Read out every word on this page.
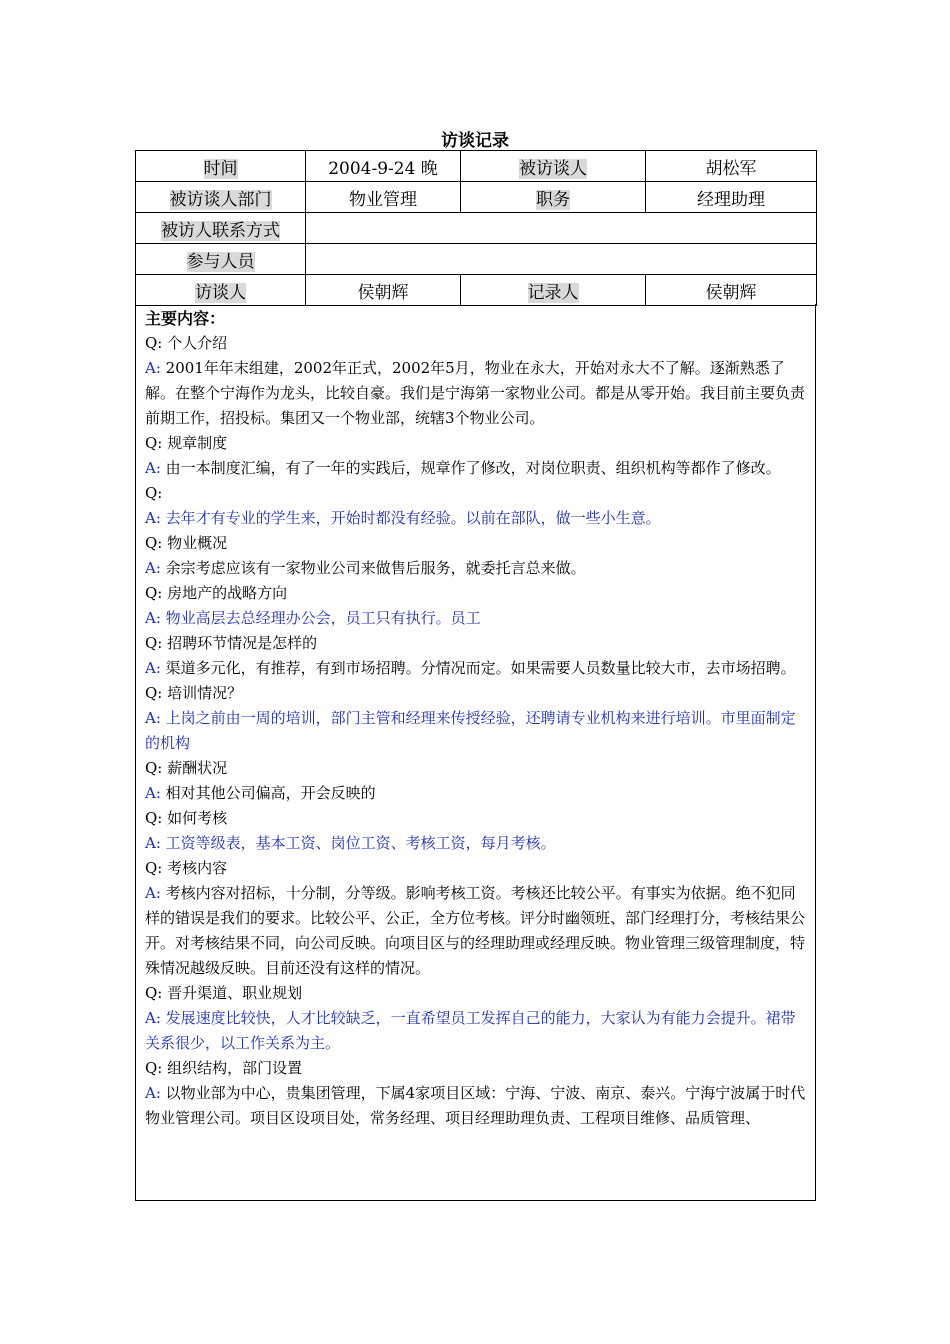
访谈记录
时间	2004-9-24 晚	被访谈人	胡松军
被访谈人部门	物业管理	职务	经理助理
被访人联系方式			
参与人员			
访谈人	侯朝辉	记录人	侯朝辉
主要内容：
Q: 个人介绍
A: 2001年年末组建，2002年正式，2002年5月，物业在永大，开始对永大不了解。逐渐熟悉了解。在整个宁海作为龙头，比较自豪。我们是宁海第一家物业公司。都是从零开始。我目前主要负责前期工作，招投标。集团又一个物业部，统辖3个物业公司。
Q: 规章制度
A: 由一本制度汇编，有了一年的实践后，规章作了修改，对岗位职责、组织机构等都作了修改。
Q:
A: 去年才有专业的学生来，开始时都没有经验。以前在部队，做一些小生意。
Q: 物业概况
A: 余宗考虑应该有一家物业公司来做售后服务，就委托言总来做。
Q: 房地产的战略方向
A: 物业高层去总经理办公会，员工只有执行。员工
Q: 招聘环节情况是怎样的
A: 渠道多元化，有推荐，有到市场招聘。分情况而定。如果需要人员数量比较大市，去市场招聘。
Q: 培训情况？
A: 上岗之前由一周的培训，部门主管和经理来传授经验，还聘请专业机构来进行培训。市里面制定的机构
Q: 薪酬状况
A: 相对其他公司偏高，开会反映的
Q: 如何考核
A: 工资等级表，基本工资、岗位工资、考核工资，每月考核。
Q: 考核内容
A: 考核内容对招标，十分制，分等级。影响考核工资。考核还比较公平。有事实为依据。绝不犯同样的错误是我们的要求。比较公平、公正，全方位考核。评分时幽领班、部门经理打分，考核结果公开。对考核结果不同，向公司反映。向项目区与的经理助理或经理反映。物业管理三级管理制度，特殊情况越级反映。目前还没有这样的情况。
Q: 晋升渠道、职业规划
A: 发展速度比较快，人才比较缺乏，一直希望员工发挥自己的能力，大家认为有能力会提升。裙带关系很少，以工作关系为主。
Q: 组织结构，部门设置
A: 以物业部为中心，贵集团管理，下属4家项目区域：宁海、宁波、南京、泰兴。宁海宁波属于时代物业管理公司。项目区设项目处，常务经理、项目经理助理负责、工程项目维修、品质管理、
